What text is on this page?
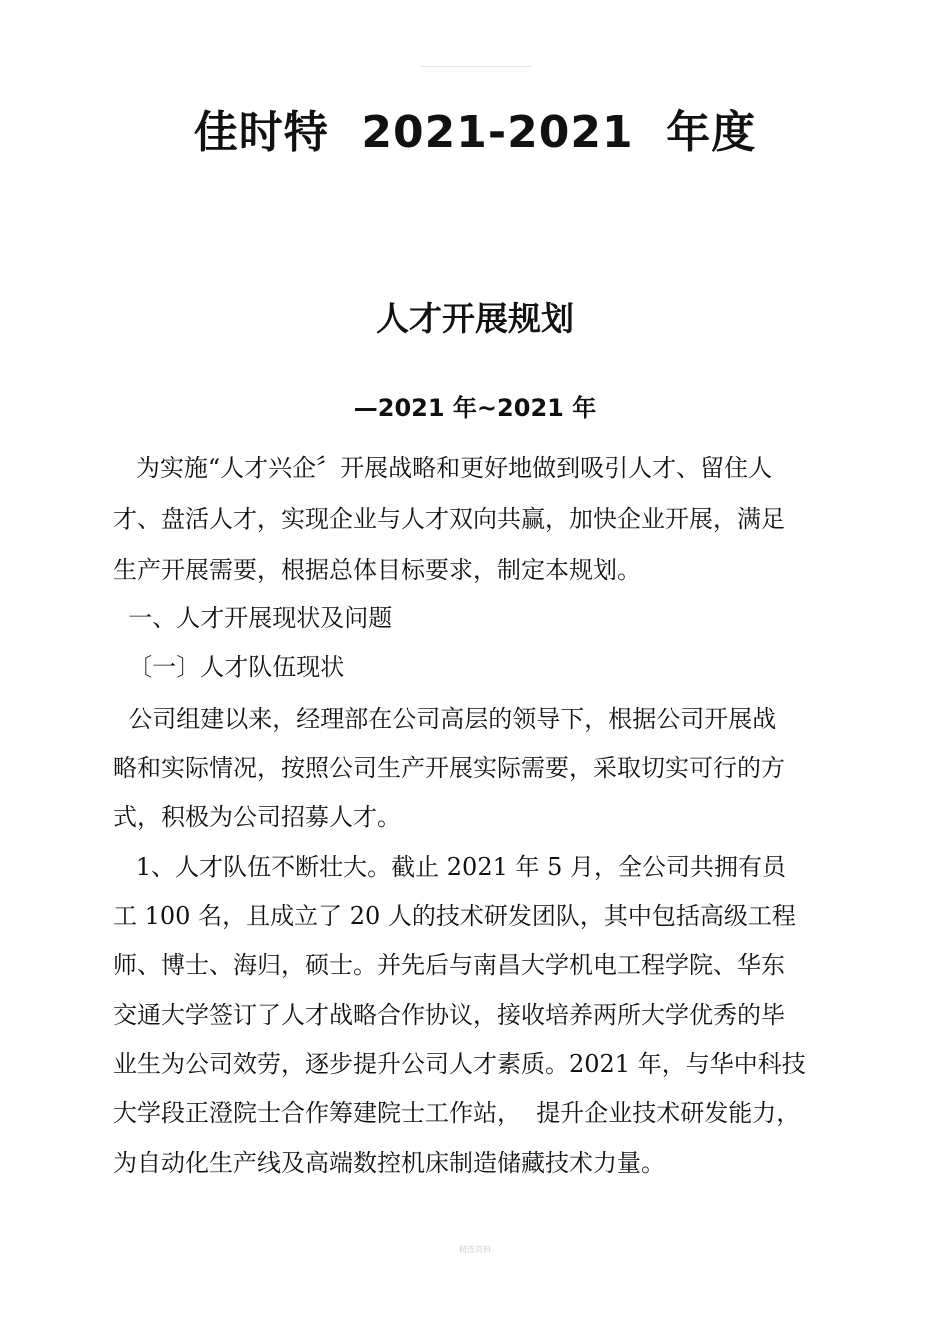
佳时特  2021-2021  年度
人才开展规划
—2021 年~2021 年
为实施“人才兴企〞开展战略和更好地做到吸引人才、留住人
才、盘活人才，实现企业与人才双向共赢，加快企业开展，满足
生产开展需要，根据总体目标要求，制定本规划。
一、人才开展现状及问题
〔一〕人才队伍现状
公司组建以来，经理部在公司高层的领导下，根据公司开展战
略和实际情况，按照公司生产开展实际需要，采取切实可行的方
式，积极为公司招募人才。
1、人才队伍不断壮大。截止 2021 年 5 月，全公司共拥有员
工 100 名，且成立了 20 人的技术研发团队，其中包括高级工程
师、博士、海归，硕士。并先后与南昌大学机电工程学院、华东
交通大学签订了人才战略合作协议，接收培养两所大学优秀的毕
业生为公司效劳，逐步提升公司人才素质。2021 年，与华中科技
大学段正澄院士合作筹建院士工作站，  提升企业技术研发能力，
为自动化生产线及高端数控机床制造储藏技术力量。
精选资料
